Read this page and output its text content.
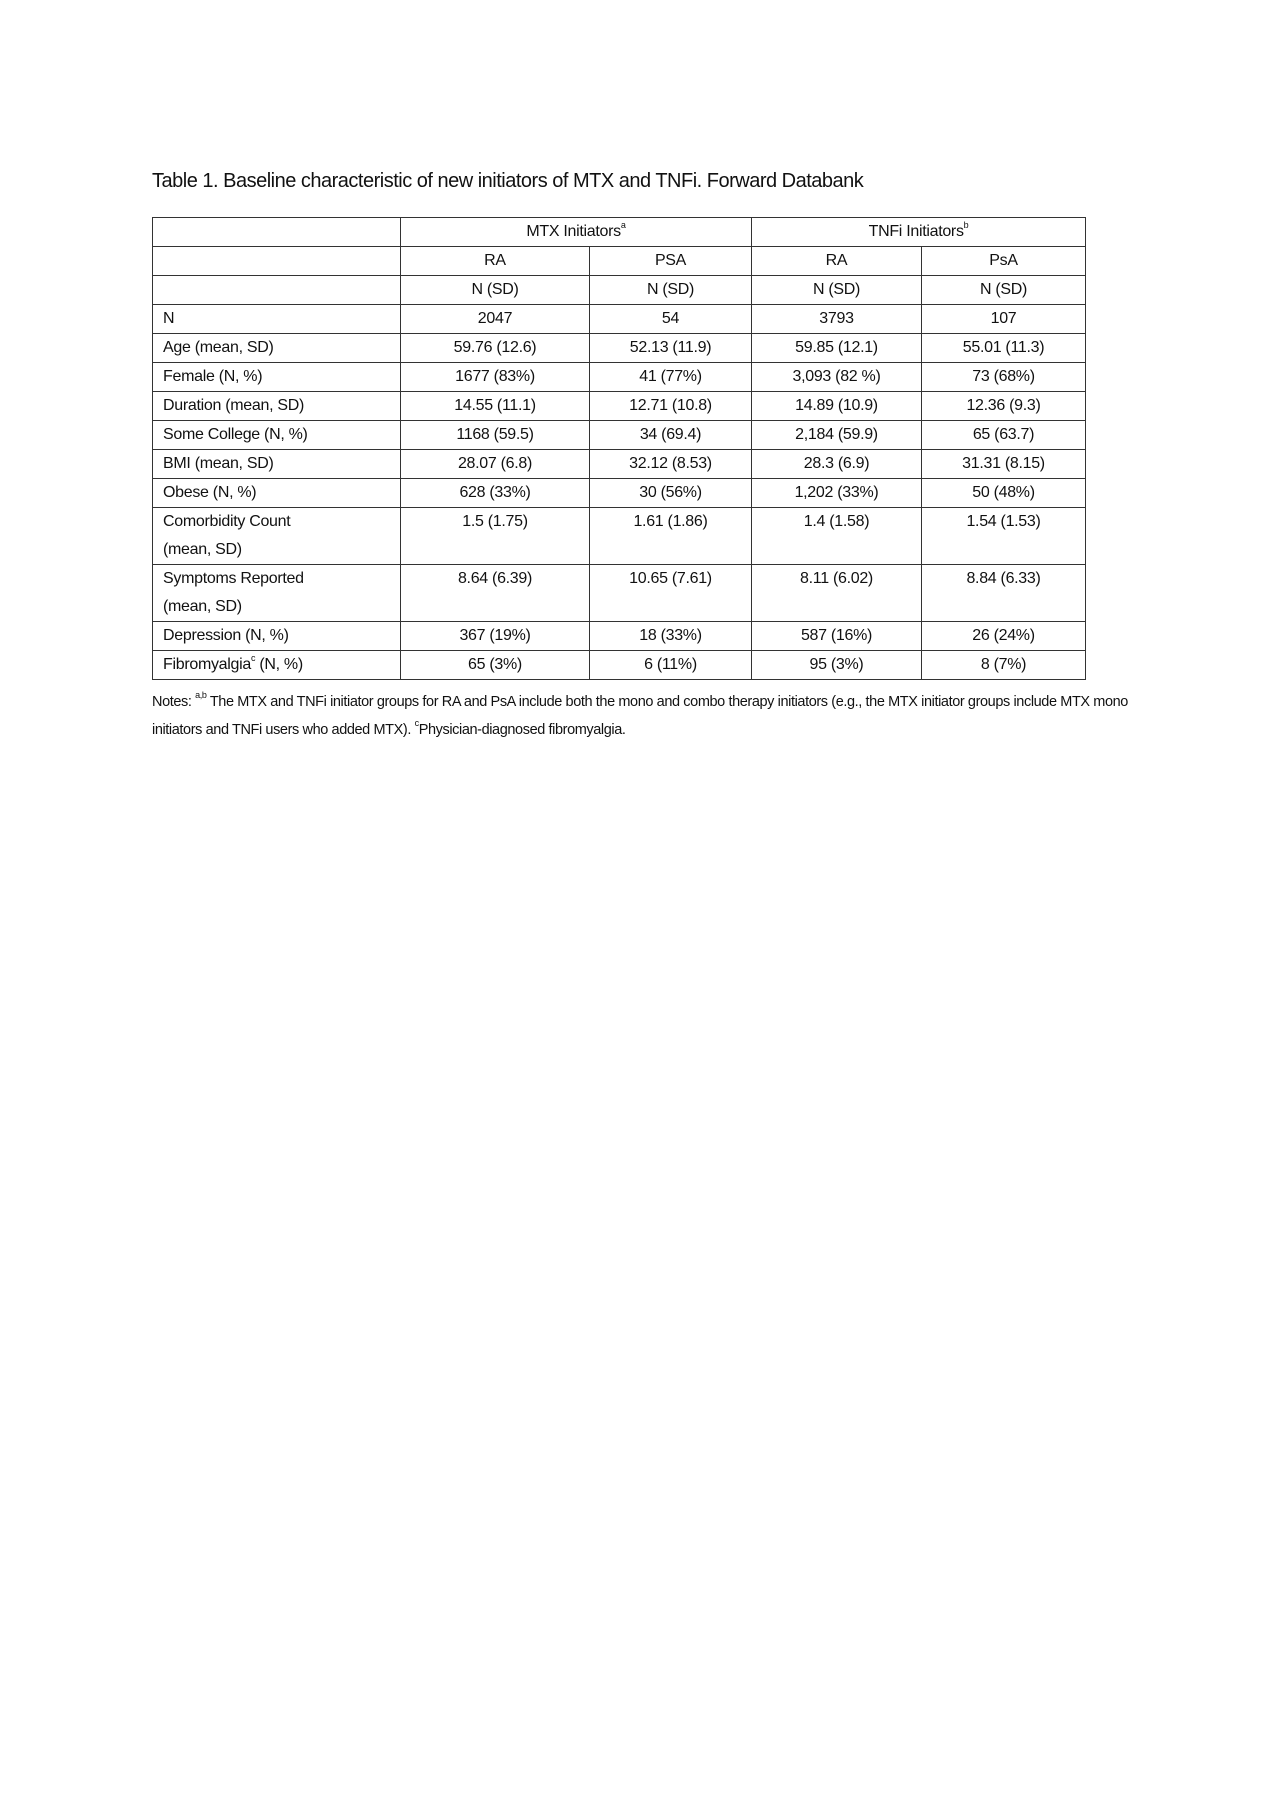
Table 1. Baseline characteristic of new initiators of MTX and TNFi. Forward Databank
	MTX Initiators$^a$		TNFi Initiators$^b$
	RA	PSA	RA	PsA
	N (SD)	N (SD)	N (SD)	N (SD)
N	2047	54	3793	107
Age (mean, SD)	59.76 (12.6)	52.13 (11.9)	59.85 (12.1)	55.01 (11.3)
Female (N, %)	1677 (83%)	41 (77%)	3,093 (82 %)	73 (68%)
Duration (mean, SD)	14.55 (11.1)	12.71 (10.8)	14.89 (10.9)	12.36 (9.3)
Some College (N, %)	1168 (59.5)	34 (69.4)	2,184 (59.9)	65 (63.7)
BMI (mean, SD)	28.07 (6.8)	32.12 (8.53)	28.3 (6.9)	31.31 (8.15)
Obese (N, %)	628 (33%)	30 (56%)	1,202 (33%)	50 (48%)
Comorbidity Count
(mean, SD)	1.5 (1.75)	1.61 (1.86)	1.4 (1.58)	1.54 (1.53)
Symptoms Reported
(mean, SD)	8.64 (6.39)	10.65 (7.61)	8.11 (6.02)	8.84 (6.33)
Depression (N, %)	367 (19%)	18 (33%)	587 (16%)	26 (24%)
Fibromyalgia$^c$ (N, %)	65 (3%)	6 (11%)	95 (3%)	8 (7%)
Notes: $^{a,b}$ The MTX and TNFi initiator groups for RA and PsA include both the mono and combo therapy initiators (e.g., the MTX initiator groups include MTX mono initiators and TNFi users who added MTX). $^c$Physician-diagnosed fibromyalgia.
